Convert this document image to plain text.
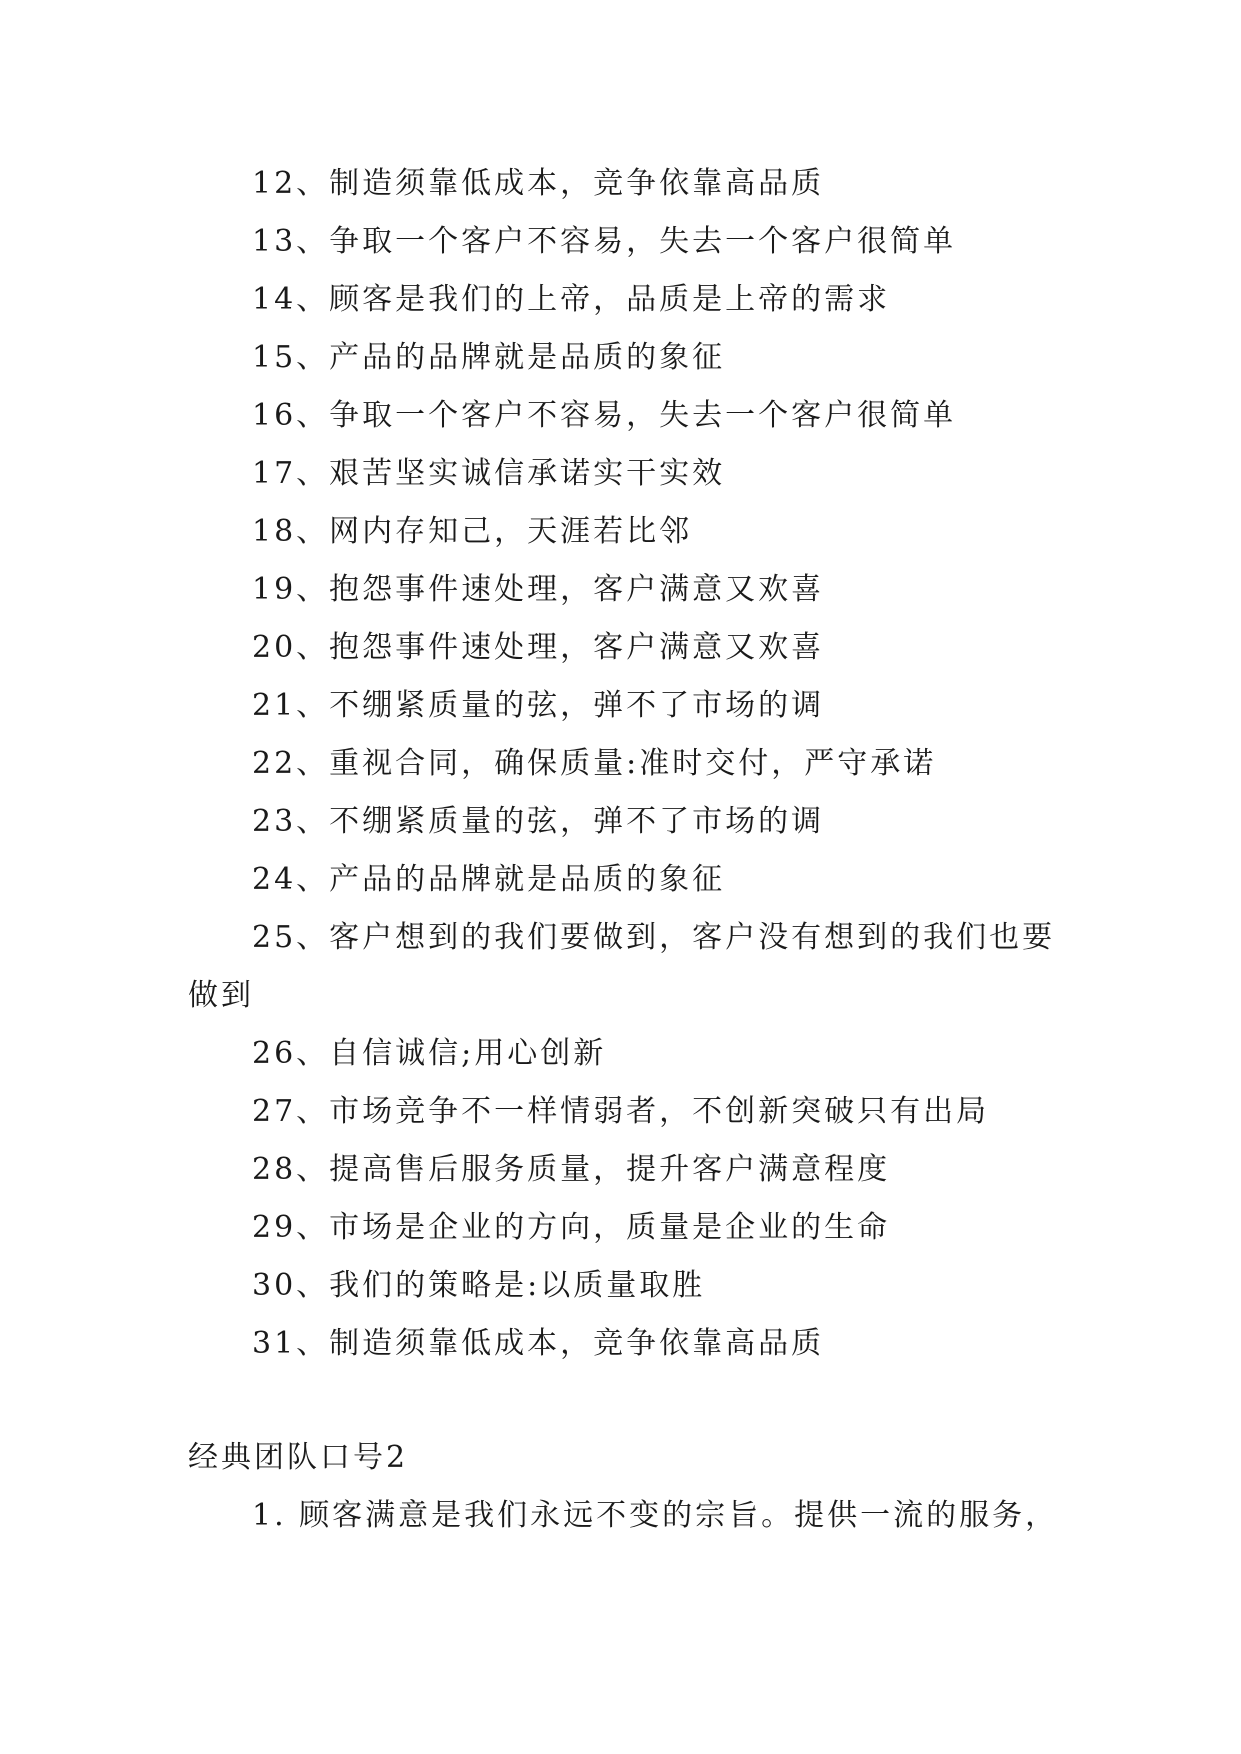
12、制造须靠低成本，竞争依靠高品质
13、争取一个客户不容易，失去一个客户很简单
14、顾客是我们的上帝，品质是上帝的需求
15、产品的品牌就是品质的象征
16、争取一个客户不容易，失去一个客户很简单
17、艰苦坚实诚信承诺实干实效
18、网内存知己，天涯若比邻
19、抱怨事件速处理，客户满意又欢喜
20、抱怨事件速处理，客户满意又欢喜
21、不绷紧质量的弦，弹不了市场的调
22、重视合同，确保质量:准时交付，严守承诺
23、不绷紧质量的弦，弹不了市场的调
24、产品的品牌就是品质的象征
25、客户想到的我们要做到，客户没有想到的我们也要
做到
26、自信诚信;用心创新
27、市场竞争不一样情弱者，不创新突破只有出局
28、提高售后服务质量，提升客户满意程度
29、市场是企业的方向，质量是企业的生命
30、我们的策略是:以质量取胜
31、制造须靠低成本，竞争依靠高品质
经典团队口号2
1. 顾客满意是我们永远不变的宗旨。提供一流的服务，
